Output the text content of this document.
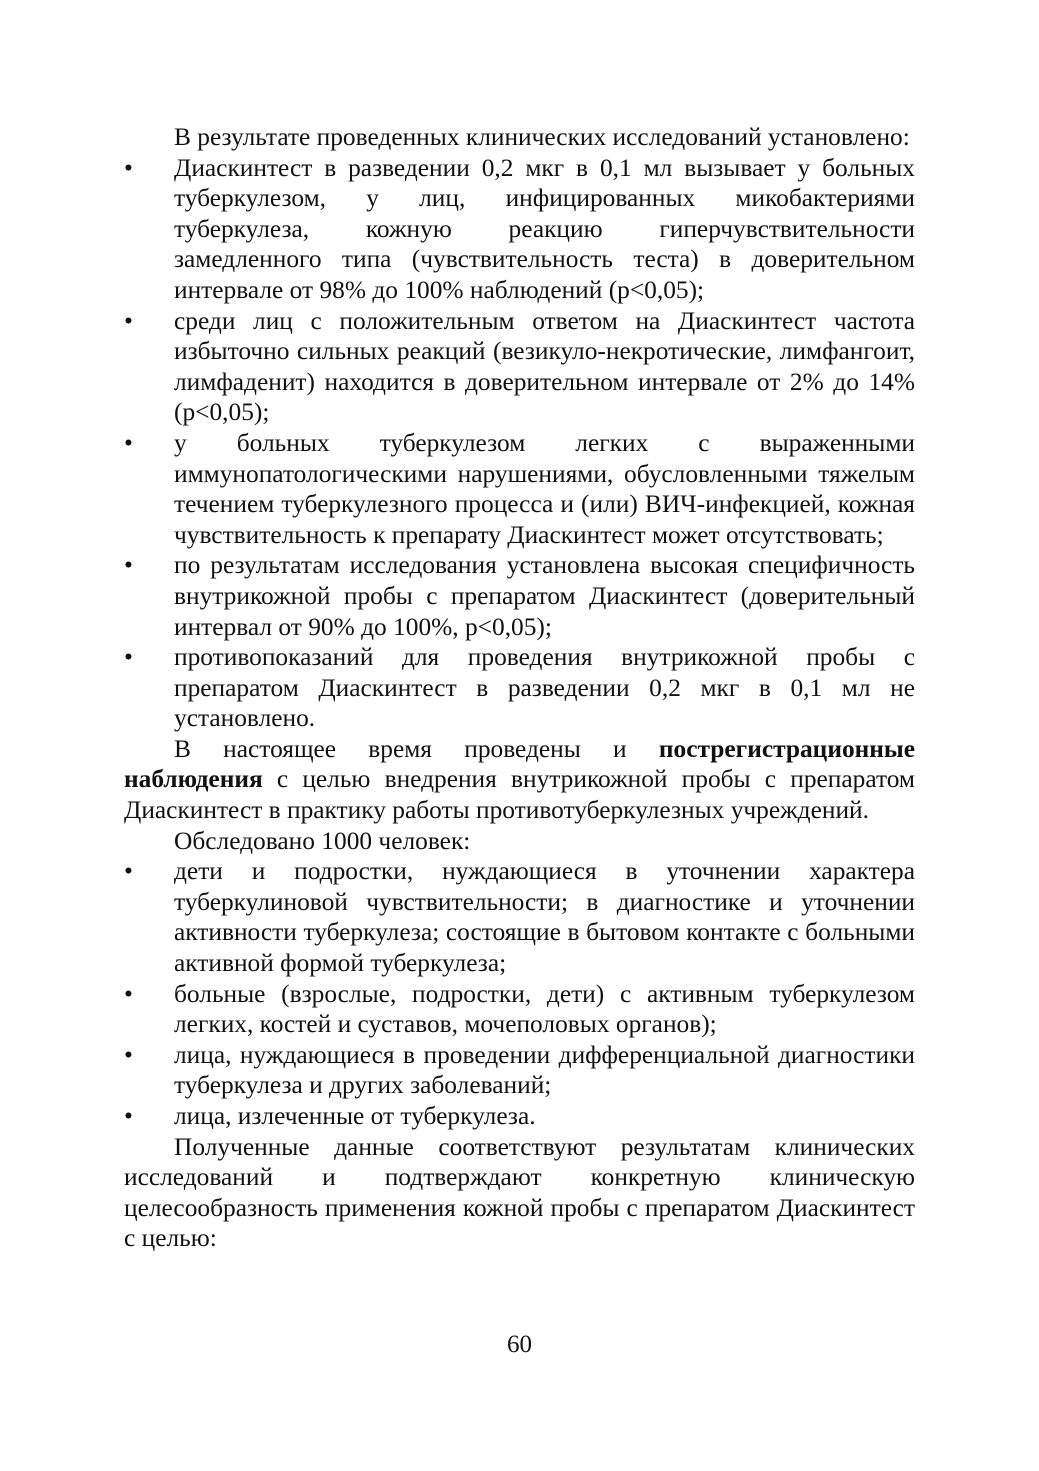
В результате проведенных клинических исследований установлено:

• Диаскинтест в разведении 0,2 мкг в 0,1 мл вызывает у больных туберкулезом, у лиц, инфицированных микобактериями туберкулеза, кожную реакцию гиперчувствительности замедленного типа (чувствительность теста) в доверительном интервале от 98% до 100% наблюдений (p<0,05);
• среди лиц с положительным ответом на Диаскинтест частота избыточно сильных реакций (везикуло-некротические, лимфангоит, лимфаденит) находится в доверительном интервале от 2% до 14% (p<0,05);
• у больных туберкулезом легких с выраженными иммунопатологическими нарушениями, обусловленными тяжелым течением туберкулезного процесса и (или) ВИЧ-инфекцией, кожная чувствительность к препарату Диаскинтест может отсутствовать;
• по результатам исследования установлена высокая специфичность внутрикожной пробы с препаратом Диаскинтест (доверительный интервал от 90% до 100%, p<0,05);
• противопоказаний для проведения внутрикожной пробы с препаратом Диаскинтест в разведении 0,2 мкг в 0,1 мл не установлено.

В настоящее время проведены и пострегистрационные наблюдения с целью внедрения внутрикожной пробы с препаратом Диаскинтест в практику работы противотуберкулезных учреждений.

Обследовано 1000 человек:

• дети и подростки, нуждающиеся в уточнении характера туберкулиновой чувствительности; в диагностике и уточнении активности туберкулеза; состоящие в бытовом контакте с больными активной формой туберкулеза;
• больные (взрослые, подростки, дети) с активным туберкулезом легких, костей и суставов, мочеполовых органов);
• лица, нуждающиеся в проведении дифференциальной диагностики туберкулеза и других заболеваний;
• лица, излеченные от туберкулеза.

Полученные данные соответствуют результатам клинических исследований и подтверждают конкретную клиническую целесообразность применения кожной пробы с препаратом Диаскинтест с целью:

60
